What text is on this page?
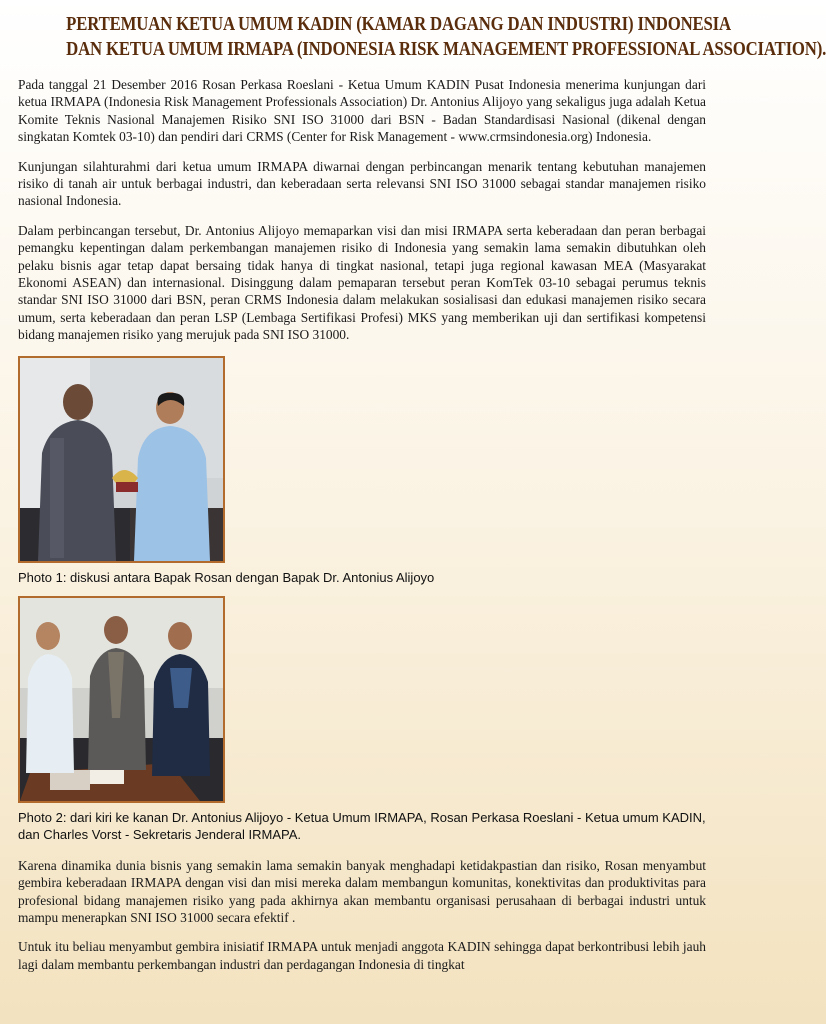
PERTEMUAN KETUA UMUM KADIN (KAMAR DAGANG DAN INDUSTRI) INDONESIA
DAN KETUA UMUM IRMAPA (INDONESIA RISK MANAGEMENT PROFESSIONAL ASSOCIATION).

Pada tanggal 21 Desember 2016 Rosan Perkasa Roeslani - Ketua Umum KADIN Pusat Indonesia menerima kunjungan dari ketua IRMAPA (Indonesia Risk Management Professionals Association) Dr. Antonius Alijoyo yang sekaligus juga adalah Ketua Komite Teknis Nasional Manajemen Risiko SNI ISO 31000 dari BSN - Badan Standardisasi Nasional (dikenal dengan singkatan Komtek 03-10) dan pendiri dari CRMS (Center for Risk Management - www.crmsindonesia.org) Indonesia.

Kunjungan silahturahmi dari ketua umum IRMAPA diwarnai dengan perbincangan menarik tentang kebutuhan manajemen risiko di tanah air untuk berbagai industri, dan keberadaan serta relevansi SNI ISO 31000 sebagai standar manajemen risiko nasional Indonesia.

Dalam perbincangan tersebut, Dr. Antonius Alijoyo memaparkan visi dan misi IRMAPA serta keberadaan dan peran berbagai pemangku kepentingan dalam perkembangan manajemen risiko di Indonesia yang semakin lama semakin dibutuhkan oleh pelaku bisnis agar tetap dapat bersaing tidak hanya di tingkat nasional, tetapi juga regional kawasan MEA (Masyarakat Ekonomi ASEAN) dan internasional. Disinggung dalam pemaparan tersebut peran KomTek 03-10 sebagai perumus teknis standar SNI ISO 31000 dari BSN, peran CRMS Indonesia dalam melakukan sosialisasi dan edukasi manajemen risiko secara umum, serta keberadaan dan peran LSP (Lembaga Sertifikasi Profesi) MKS yang memberikan uji dan sertifikasi kompetensi bidang manajemen risiko yang merujuk pada SNI ISO 31000.

Photo 1: diskusi antara Bapak Rosan dengan Bapak Dr. Antonius Alijoyo
Photo 2: dari kiri ke kanan Dr. Antonius Alijoyo - Ketua Umum IRMAPA, Rosan Perkasa Roeslani - Ketua umum KADIN, dan Charles Vorst - Sekretaris Jenderal IRMAPA.

Karena dinamika dunia bisnis yang semakin lama semakin banyak menghadapi ketidakpastian dan risiko, Rosan menyambut gembira keberadaan IRMAPA dengan visi dan misi mereka dalam membangun komunitas, konektivitas dan produktivitas para profesional bidang manajemen risiko yang pada akhirnya akan membantu organisasi perusahaan di berbagai industri untuk mampu menerapkan SNI ISO 31000 secara efektif .

Untuk itu beliau menyambut gembira inisiatif IRMAPA untuk menjadi anggota KADIN sehingga dapat berkontribusi lebih jauh lagi dalam membantu perkembangan industri dan perdagangan Indonesia di tingkat
